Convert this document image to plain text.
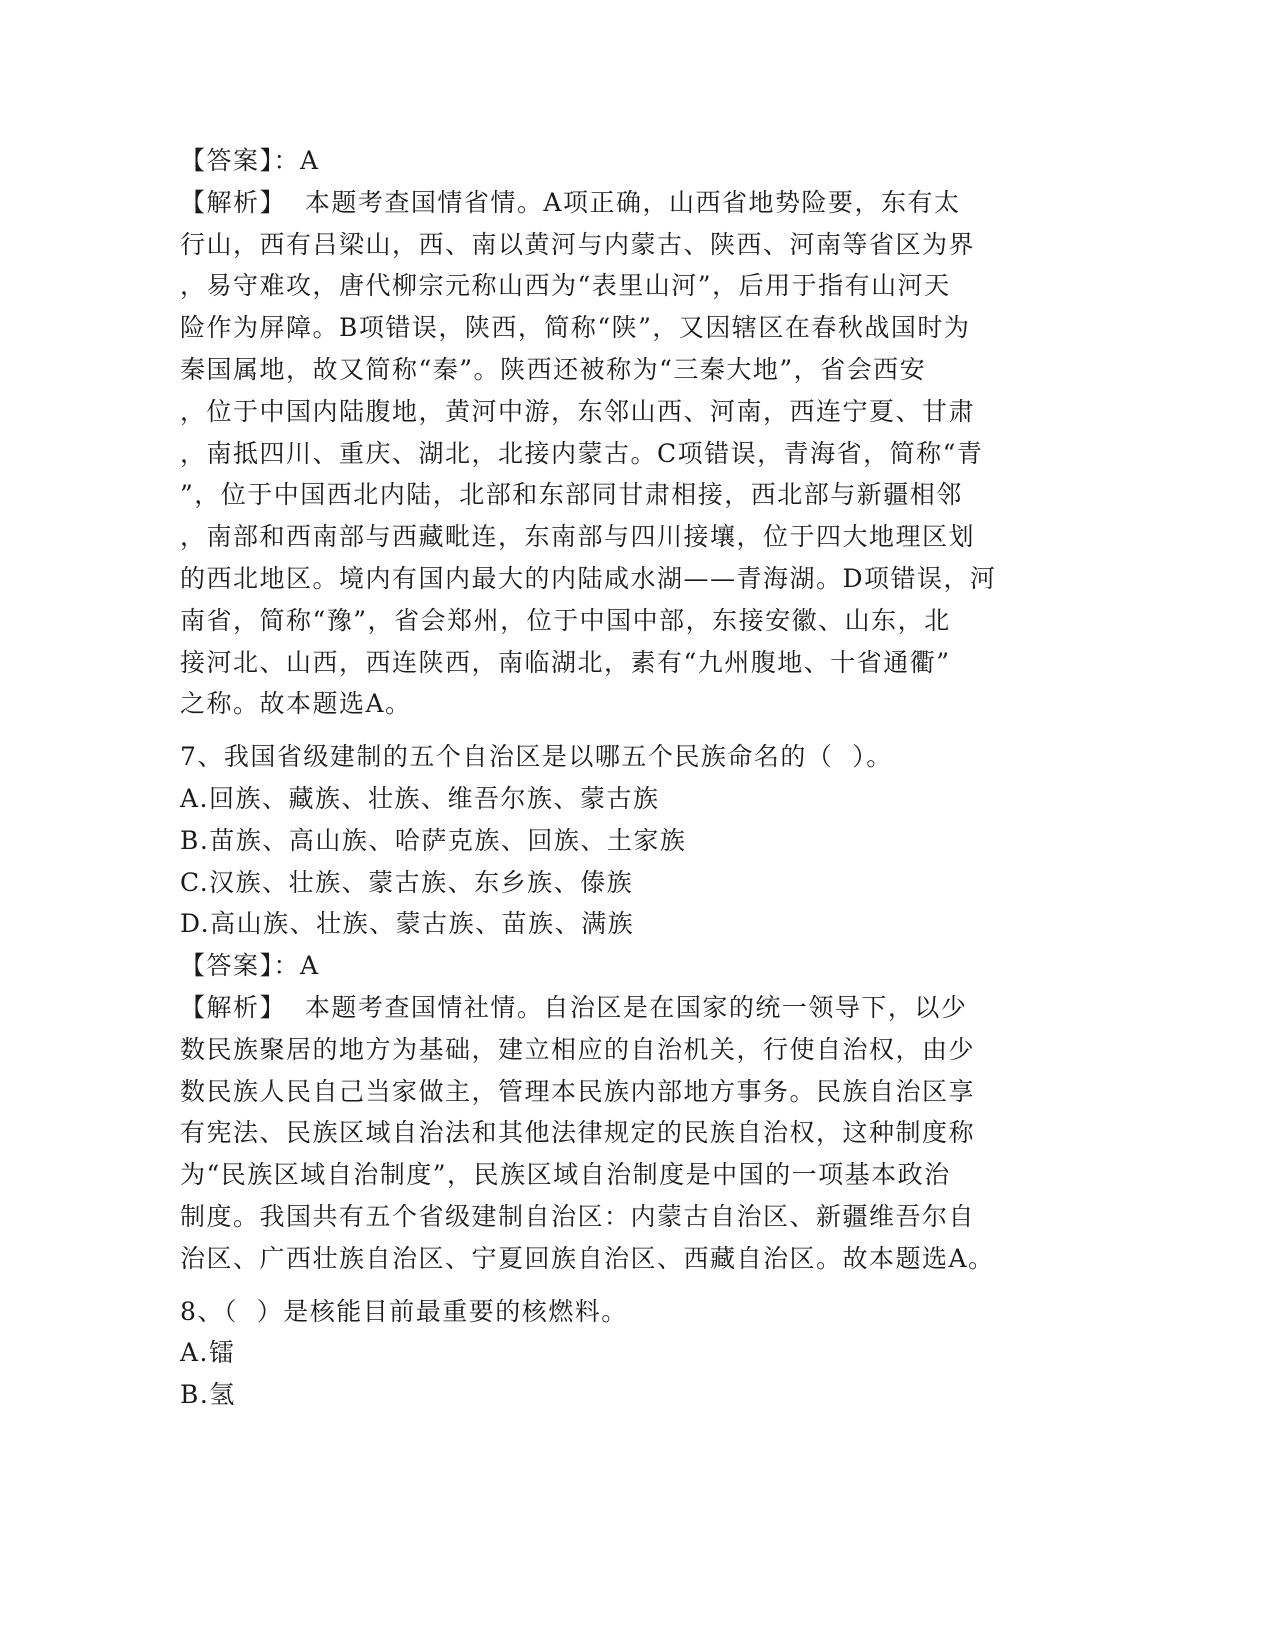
【答案】：A
【解析】  本题考查国情省情。A项正确，山西省地势险要，东有太
行山，西有吕梁山，西、南以黄河与内蒙古、陕西、河南等省区为界
，易守难攻，唐代柳宗元称山西为“表里山河”，后用于指有山河天
险作为屏障。B项错误，陕西，简称“陕”，又因辖区在春秋战国时为
秦国属地，故又简称“秦”。陕西还被称为“三秦大地”，省会西安
，位于中国内陆腹地，黄河中游，东邻山西、河南，西连宁夏、甘肃
，南抵四川、重庆、湖北，北接内蒙古。C项错误，青海省，简称“青
”，位于中国西北内陆，北部和东部同甘肃相接，西北部与新疆相邻
，南部和西南部与西藏毗连，东南部与四川接壤，位于四大地理区划
的西北地区。境内有国内最大的内陆咸水湖——青海湖。D项错误，河
南省，简称“豫”，省会郑州，位于中国中部，东接安徽、山东，北
接河北、山西，西连陕西，南临湖北，素有“九州腹地、十省通衢”
之称。故本题选A。
7、我国省级建制的五个自治区是以哪五个民族命名的（  ）。
A.回族、藏族、壮族、维吾尔族、蒙古族
B.苗族、高山族、哈萨克族、回族、土家族
C.汉族、壮族、蒙古族、东乡族、傣族
D.高山族、壮族、蒙古族、苗族、满族
【答案】：A
【解析】  本题考查国情社情。自治区是在国家的统一领导下，以少
数民族聚居的地方为基础，建立相应的自治机关，行使自治权，由少
数民族人民自己当家做主，管理本民族内部地方事务。民族自治区享
有宪法、民族区域自治法和其他法律规定的民族自治权，这种制度称
为“民族区域自治制度”，民族区域自治制度是中国的一项基本政治
制度。我国共有五个省级建制自治区：内蒙古自治区、新疆维吾尔自
治区、广西壮族自治区、宁夏回族自治区、西藏自治区。故本题选A。
8、（  ）是核能目前最重要的核燃料。
A.镭
B.氢
